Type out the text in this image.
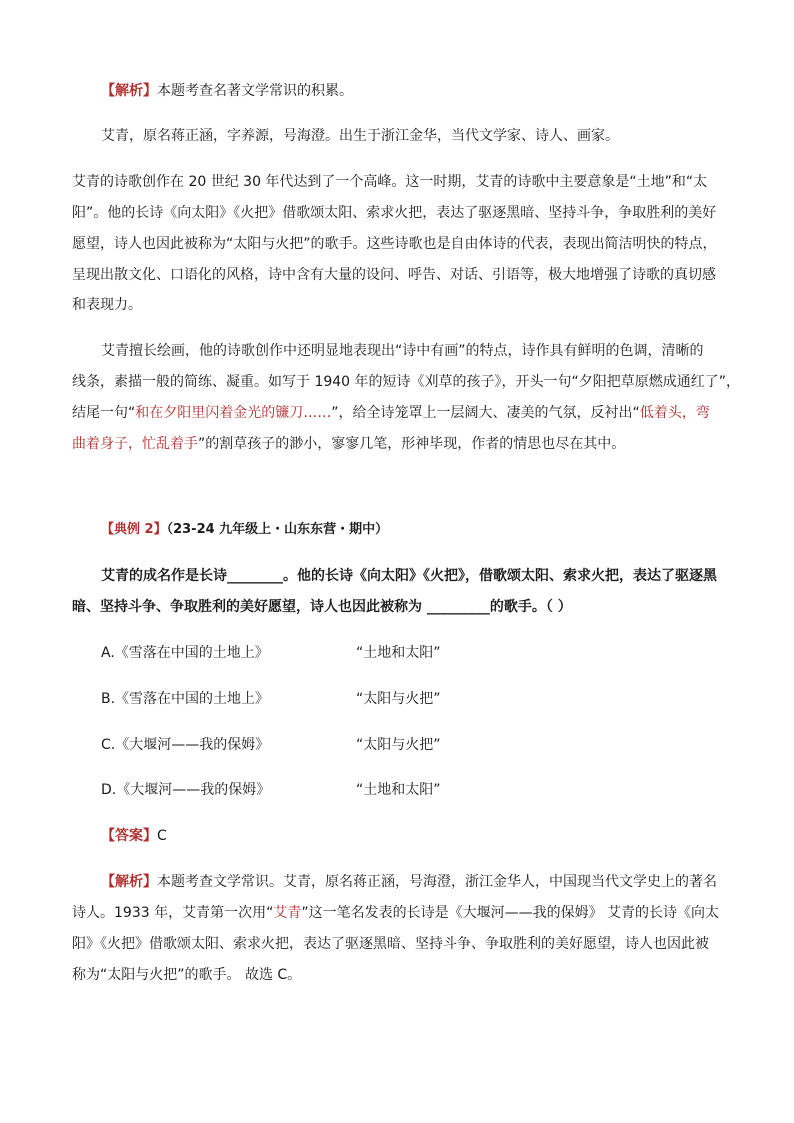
【解析】本题考查名著文学常识的积累。
艾青，原名蒋正涵，字养源，号海澄。出生于浙江金华，当代文学家、诗人、画家。
艾青的诗歌创作在 20 世纪 30 年代达到了一个高峰。这一时期，艾青的诗歌中主要意象是“土地”和“太
阳”。他的长诗《向太阳》《火把》借歌颂太阳、索求火把，表达了驱逐黑暗、坚持斗争，争取胜利的美好
愿望，诗人也因此被称为“太阳与火把”的歌手。这些诗歌也是自由体诗的代表，表现出简洁明快的特点，
呈现出散文化、口语化的风格，诗中含有大量的设问、呼告、对话、引语等，极大地增强了诗歌的真切感
和表现力。
艾青擅长绘画，他的诗歌创作中还明显地表现出“诗中有画”的特点，诗作具有鲜明的色调，清晰的
线条，素描一般的简练、凝重。如写于 1940 年的短诗《刈草的孩子》，开头一句“夕阳把草原燃成通红了”，
结尾一句“和在夕阳里闪着金光的镰刀……”，给全诗笼罩上一层阔大、凄美的气氛，反衬出“低着头，弯
曲着身子，忙乱着手”的割草孩子的渺小，寥寥几笔，形神毕现，作者的情思也尽在其中。
【典例 2】（23-24 九年级上・山东东营・期中）
艾青的成名作是长诗________。他的长诗《向太阳》《火把》，借歌颂太阳、索求火把，表达了驱逐黑
暗、坚持斗争、争取胜利的美好愿望，诗人也因此被称为 _________的歌手。（ ）
A.《雪落在中国的土地上》	“土地和太阳”
B.《雪落在中国的土地上》	“太阳与火把”
C.《大堰河——我的保姆》	“太阳与火把”
D.《大堰河——我的保姆》	“土地和太阳”
【答案】C
【解析】本题考查文学常识。艾青，原名蒋正涵，号海澄，浙江金华人，中国现当代文学史上的著名
诗人。1933 年，艾青第一次用“艾青”这一笔名发表的长诗是《大堰河——我的保姆》 艾青的长诗《向太
阳》《火把》借歌颂太阳、索求火把，表达了驱逐黑暗、坚持斗争、争取胜利的美好愿望，诗人也因此被
称为“太阳与火把”的歌手。 故选 C。
